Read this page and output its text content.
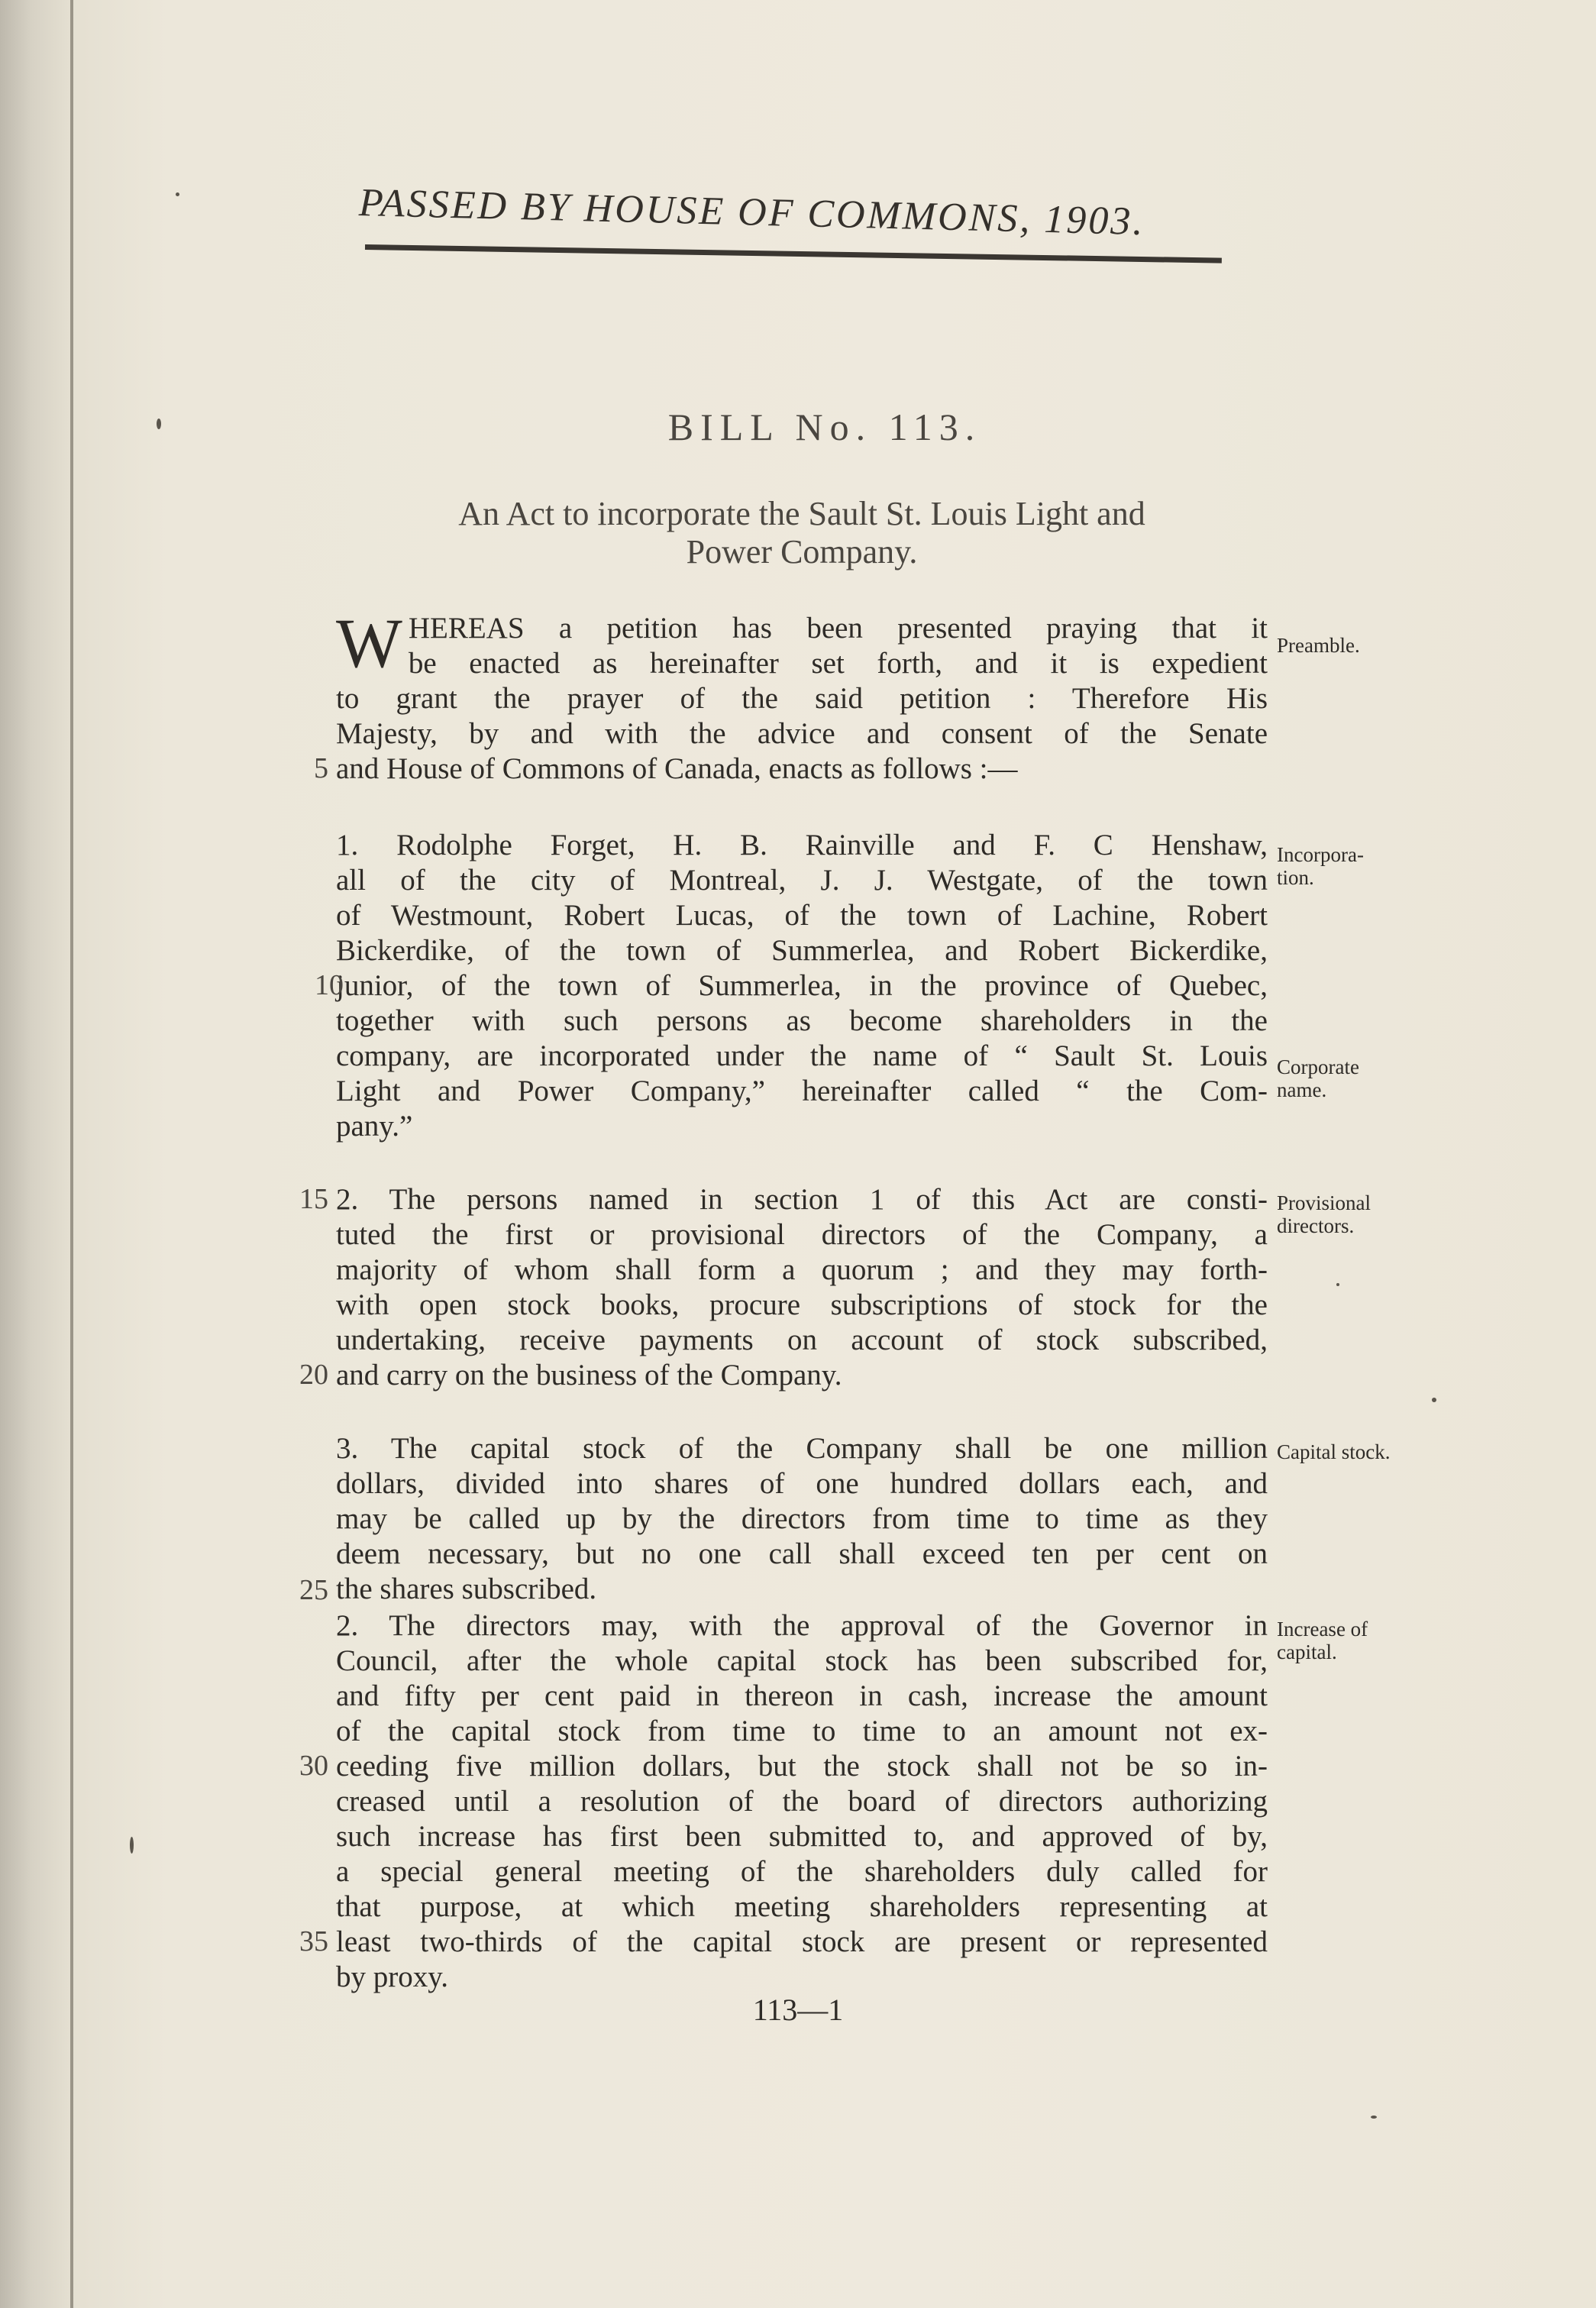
PASSED BY HOUSE OF COMMONS, 1903.
BILL No. 113.
An Act to incorporate the Sault St. Louis Light and
Power Company.
W HEREAS a petition has been presented praying that it
be enacted as hereinafter set forth, and it is expedient
to grant the prayer of the said petition : Therefore His
Majesty, by and with the advice and consent of the Senate
and House of Commons of Canada, enacts as follows :—
Preamble.
1. Rodolphe Forget, H. B. Rainville and F. C Henshaw,
all of the city of Montreal, J. J. Westgate, of the town
of Westmount, Robert Lucas, of the town of Lachine, Robert
Bickerdike, of the town of Summerlea, and Robert Bickerdike,
junior, of the town of Summerlea, in the province of Quebec,
together with such persons as become shareholders in the
company, are incorporated under the name of “ Sault St. Louis
Light and Power Company,” hereinafter called “ the Com-
pany.”
Incorpora-
tion.
Corporate
name.
2. The persons named in section 1 of this Act are consti-
tuted the first or provisional directors of the Company, a
majority of whom shall form a quorum ; and they may forth-
with open stock books, procure subscriptions of stock for the
undertaking, receive payments on account of stock subscribed,
and carry on the business of the Company.
Provisional
directors.
3. The capital stock of the Company shall be one million
dollars, divided into shares of one hundred dollars each, and
may be called up by the directors from time to time as they
deem necessary, but no one call shall exceed ten per cent on
the shares subscribed.
Capital stock.
2. The directors may, with the approval of the Governor in
Council, after the whole capital stock has been subscribed for,
and fifty per cent paid in thereon in cash, increase the amount
of the capital stock from time to time to an amount not ex-
ceeding five million dollars, but the stock shall not be so in-
creased until a resolution of the board of directors authorizing
such increase has first been submitted to, and approved of by,
a special general meeting of the shareholders duly called for
that purpose, at which meeting shareholders representing at
least two-thirds of the capital stock are present or represented
by proxy.
Increase of
capital.
5
10
15
20
25
30
35
113—1
